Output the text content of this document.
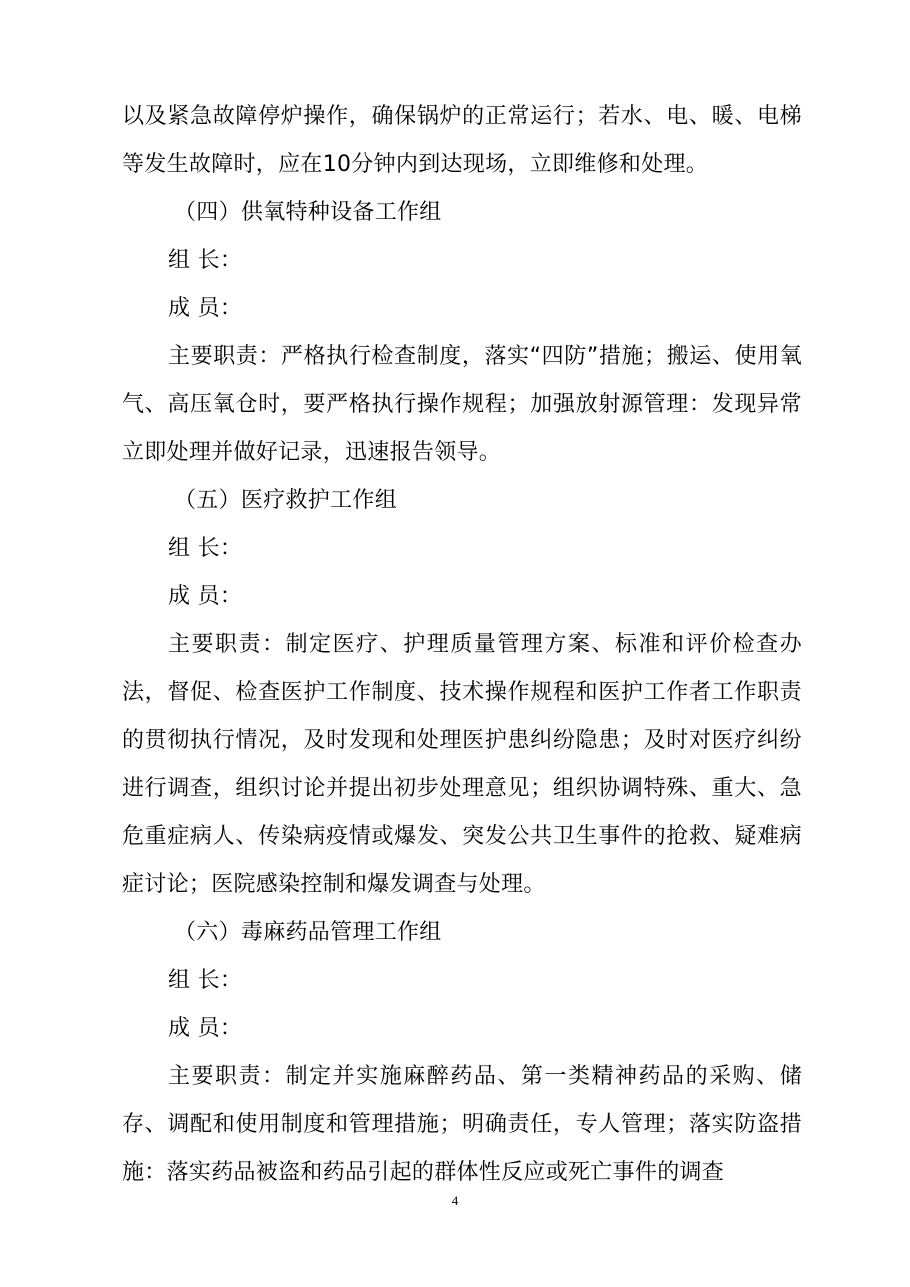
以及紧急故障停炉操作，确保锅炉的正常运行；若水、电、暖、电梯等发生故障时，应在10分钟内到达现场，立即维修和处理。

（四）供氧特种设备工作组

组 长：

成 员：

主要职责：严格执行检查制度，落实“四防”措施；搬运、使用氧气、高压氧仓时，要严格执行操作规程；加强放射源管理：发现异常立即处理并做好记录，迅速报告领导。

（五）医疗救护工作组

组 长：

成 员：

主要职责：制定医疗、护理质量管理方案、标准和评价检查办法，督促、检查医护工作制度、技术操作规程和医护工作者工作职责的贯彻执行情况，及时发现和处理医护患纠纷隐患；及时对医疗纠纷进行调查，组织讨论并提出初步处理意见；组织协调特殊、重大、急危重症病人、传染病疫情或爆发、突发公共卫生事件的抢救、疑难病症讨论；医院感染控制和爆发调查与处理。

（六）毒麻药品管理工作组

组 长：

成 员：

主要职责：制定并实施麻醉药品、第一类精神药品的采购、储存、调配和使用制度和管理措施；明确责任，专人管理；落实防盗措施：落实药品被盗和药品引起的群体性反应或死亡事件的调查

4
